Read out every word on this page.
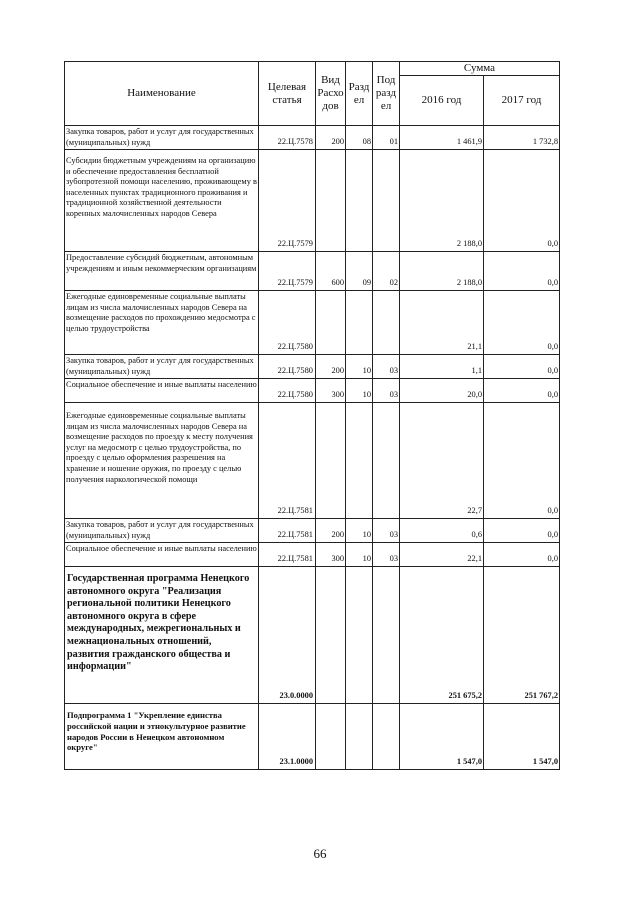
Наименование	Целевая статья	Вид Расхо дов	Разд ел	Под разд ел	Сумма	
					2016 год	2017 год
Закупка товаров, работ и услуг для государственных (муниципальных) нужд	22.Ц.7578	200	08	01	1 461,9	1 732,8
Субсидии бюджетным учреждениям на организацию и обеспечение предоставления бесплатной зубопротезной помощи населению, проживающему в населенных пунктах традиционного проживания и традиционной хозяйственной деятельности коренных малочисленных народов Севера	22.Ц.7579				2 188,0	0,0
Предоставление субсидий бюджетным, автономным учреждениям и иным некоммерческим организациям	22.Ц.7579	600	09	02	2 188,0	0,0
Ежегодные единовременные социальные выплаты лицам из числа малочисленных народов Севера на возмещение расходов по прохождению медосмотра с целью трудоустройства	22.Ц.7580				21,1	0,0
Закупка товаров, работ и услуг для государственных (муниципальных) нужд	22.Ц.7580	200	10	03	1,1	0,0
Социальное обеспечение и иные выплаты населению	22.Ц.7580	300	10	03	20,0	0,0
Ежегодные единовременные социальные выплаты лицам из числа малочисленных народов Севера на возмещение расходов по проезду к месту получения услуг на медосмотр с целью трудоустройства, по проезду с целью оформления разрешения на хранение и ношение оружия, по проезду с целью получения наркологической помощи	22.Ц.7581				22,7	0,0
Закупка товаров, работ и услуг для государственных (муниципальных) нужд	22.Ц.7581	200	10	03	0,6	0,0
Социальное обеспечение и иные выплаты населению	22.Ц.7581	300	10	03	22,1	0,0
Государственная программа Ненецкого автономного округа "Реализация региональной политики Ненецкого автономного округа в сфере международных, межрегиональных и межнациональных отношений, развития гражданского общества и информации"	23.0.0000				251 675,2	251 767,2
Подпрограмма 1 "Укрепление единства российской нации и этнокультурное развитие народов России в Ненецком автономном округе"	23.1.0000				1 547,0	1 547,0
66
